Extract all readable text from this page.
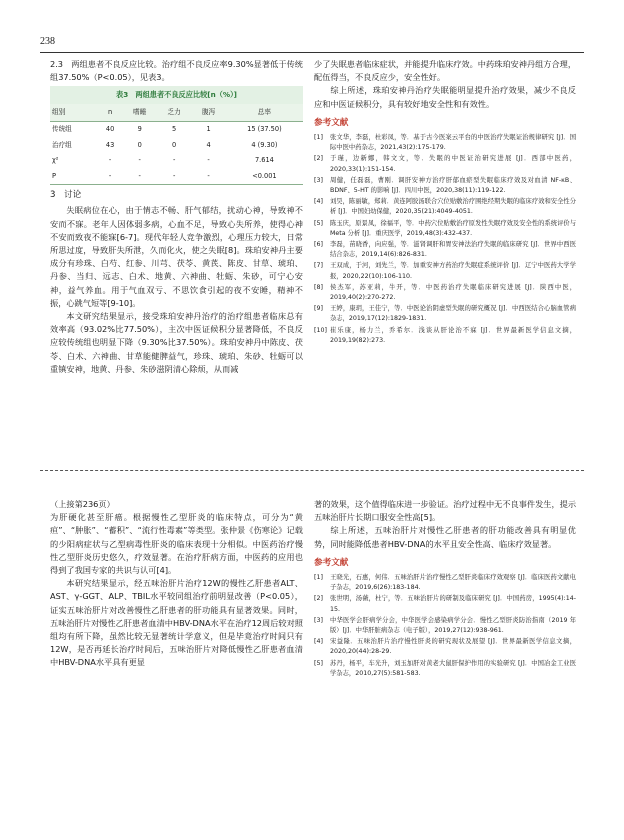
238

2.3　两组患者不良反应比较。治疗组不良反应率9.30%显著低于传统组37.50%（P<0.05），见表3。

表3　两组患者不良反应比较[n（%）]
组别	n	嗜睡	乏力	腹泻	总率
传统组	40	9	5	1	15 (37.50)
治疗组	43	0	0	4	4 (9.30)
χ²	-	-	-	-	7.614
P	-	-	-	-	<0.001
3　讨论

失眠病位在心，由于情志不畅、肝气郁结，扰动心神，导致神不安而不寐。老年人因体弱多病，心血不足，导致心失所养，使得心神不安而致夜不能寐[6-7]。现代年轻人竞争激烈，心理压力较大，日常所思过度，导致肝失所泄，久而化火，使之失眠[8]。珠珀安神丹主要成分有珍珠、白芍、红参、川芎、茯苓、黄芪、陈皮、甘草、琥珀、丹参、当归、远志、白术、地黄、六神曲、牡蛎、朱砂，可宁心安神，益气养血。用于气血双亏、不思饮食引起的夜不安睡，精神不振，心跳气短等[9-10]。

本文研究结果显示，接受珠珀安神丹治疗的治疗组患者临床总有效率高（93.02%比77.50%），主次中医证候积分显著降低，不良反应较传统组也明显下降（9.30%比37.50%）。珠珀安神丹中陈皮、茯苓、白术、六神曲、甘草能健脾益气，珍珠、琥珀、朱砂、牡蛎可以重镇安神，地黄、丹参、朱砂滋阴清心除烦，从而减

少了失眠患者临床症状，并能提升临床疗效。中药珠珀安神丹组方合理，配伍得当，不良反应少，安全性好。

综上所述，珠珀安神丹治疗失眠能明显提升治疗效果，减少不良反应和中医证候积分，具有较好地安全性和有效性。

参考文献
[1]	张文华，李磊，杜彩凤，等．基于古今医案云平台的中医治疗失眠证治规律研究 [J]．国际中医中药杂志，2021,43(2):175-179.
[2]	于瑾，边新娜，韩文文，等．失眠的中医证治研究进展 [J]．西部中医药，2020,33(1):151-154.
[3]	周健，任磊磊，曹刚．调肝安神方治疗肝郁血瘀型失眠临床疗效及对血清 NF-κB、BDNF、5-HT 的影响 [J]．四川中医，2020,38(11):119-122.
[4]	刘昊，陈丽敏，郑莉．黄连阿胶汤联合穴位贴敷治疗围绝经期失眠的临床疗效和安全性分析 [J]．中国妇幼保健，2020,35(21):4049-4051.
[5]	陈玉庆，原景凤，徐福平，等．中药穴位贴敷治疗原发性失眠疗效及安全性的系统评价与 Meta 分析 [J]．重庆医学，2019,48(3):432-437.
[6]	李磊，苗晓香，向应强，等．滋肾调肝和胃安神法治疗失眠的临床研究 [J]．世界中西医结合杂志，2019,14(6):826-831.
[7]	王双成，于河，刘先兰，等．加重安神方药治疗失眠症系统评价 [J]．辽宁中医药大学学报，2020,22(10):106-110.
[8]	侯杰军，苏亚莉，牛开，等．中医药治疗失眠临床研究进展 [J]．陕西中医，2019,40(2):270-272.
[9]	王婷，康玥，王佳宁，等．中医论治阴虚型失眠的研究概况 [J]．中西医结合心脑血管病杂志，2019,17(12):1829-1831.
[10] 崔乐康，杨力兰，乔希尔．浅谈从肝论治不寐 [J]．世界最新医学信息文摘，2019,19(82):273.

（上接第236页）

为肝硬化甚至肝癌。根据慢性乙型肝炎的临床特点，可分为“黄疸”、“肿胀”、“蓄积”、“流行性毒素”等类型。张仲景《伤寒论》记载的少阳病症状与乙型病毒性肝炎的临床表现十分相似。中医药治疗慢性乙型肝炎历史悠久，疗效显著。在治疗肝病方面，中医药的应用也得到了我国专家的共识与认可[4]。

本研究结果显示，经五味治肝片治疗12W的慢性乙肝患者ALT、AST、γ-GGT、ALP、TBIL水平较同组治疗前明显改善（P<0.05），证实五味治肝片对改善慢性乙肝患者的肝功能具有显著效果。同时，五味治肝片对慢性乙肝患者血清中HBV-DNA水平在治疗12周后较对照组均有所下降，虽然比较无显著统计学意义，但是毕竟治疗时间只有12W，是否再延长治疗时间后，五味治肝片对降低慢性乙肝患者血清中HBV-DNA水平具有更显

著的效果，这个值得临床进一步验证。治疗过程中无不良事件发生，提示五味治肝片长期口服安全性高[5]。

综上所述，五味治肝片对慢性乙肝患者的肝功能改善具有明显优势，同时能降低患者HBV-DNA的水平且安全性高、临床疗效显著。

参考文献
[1]	王晓光，石惠，何伟．五味治肝片治疗慢性乙型肝炎临床疗效观察 [J]．临床医药文献电子杂志，2019,6(26):183-184.
[2]	张世明，汤薇，杜宁，等．五味治肝片的研制及临床研究 [J]．中国药房，1995(4):14-15.
[3]	中华医学会肝病学分会，中华医学会感染病学分会．慢性乙型肝炎防治指南（2019 年版）[J]．中华肝脏病杂志（电子版），2019,27(12):938-961.
[4]	宋益隆．五味治肝片治疗慢性肝炎的研究现状及展望 [J]．世界最新医学信息文摘，2020,20(44):28-29.
[5]	苏丹，杨平，车光升，刘玉加肝对黄老大鼠肝保护作用的实验研究 [J]．中国冶金工业医学杂志，2010,27(5):581-583.
